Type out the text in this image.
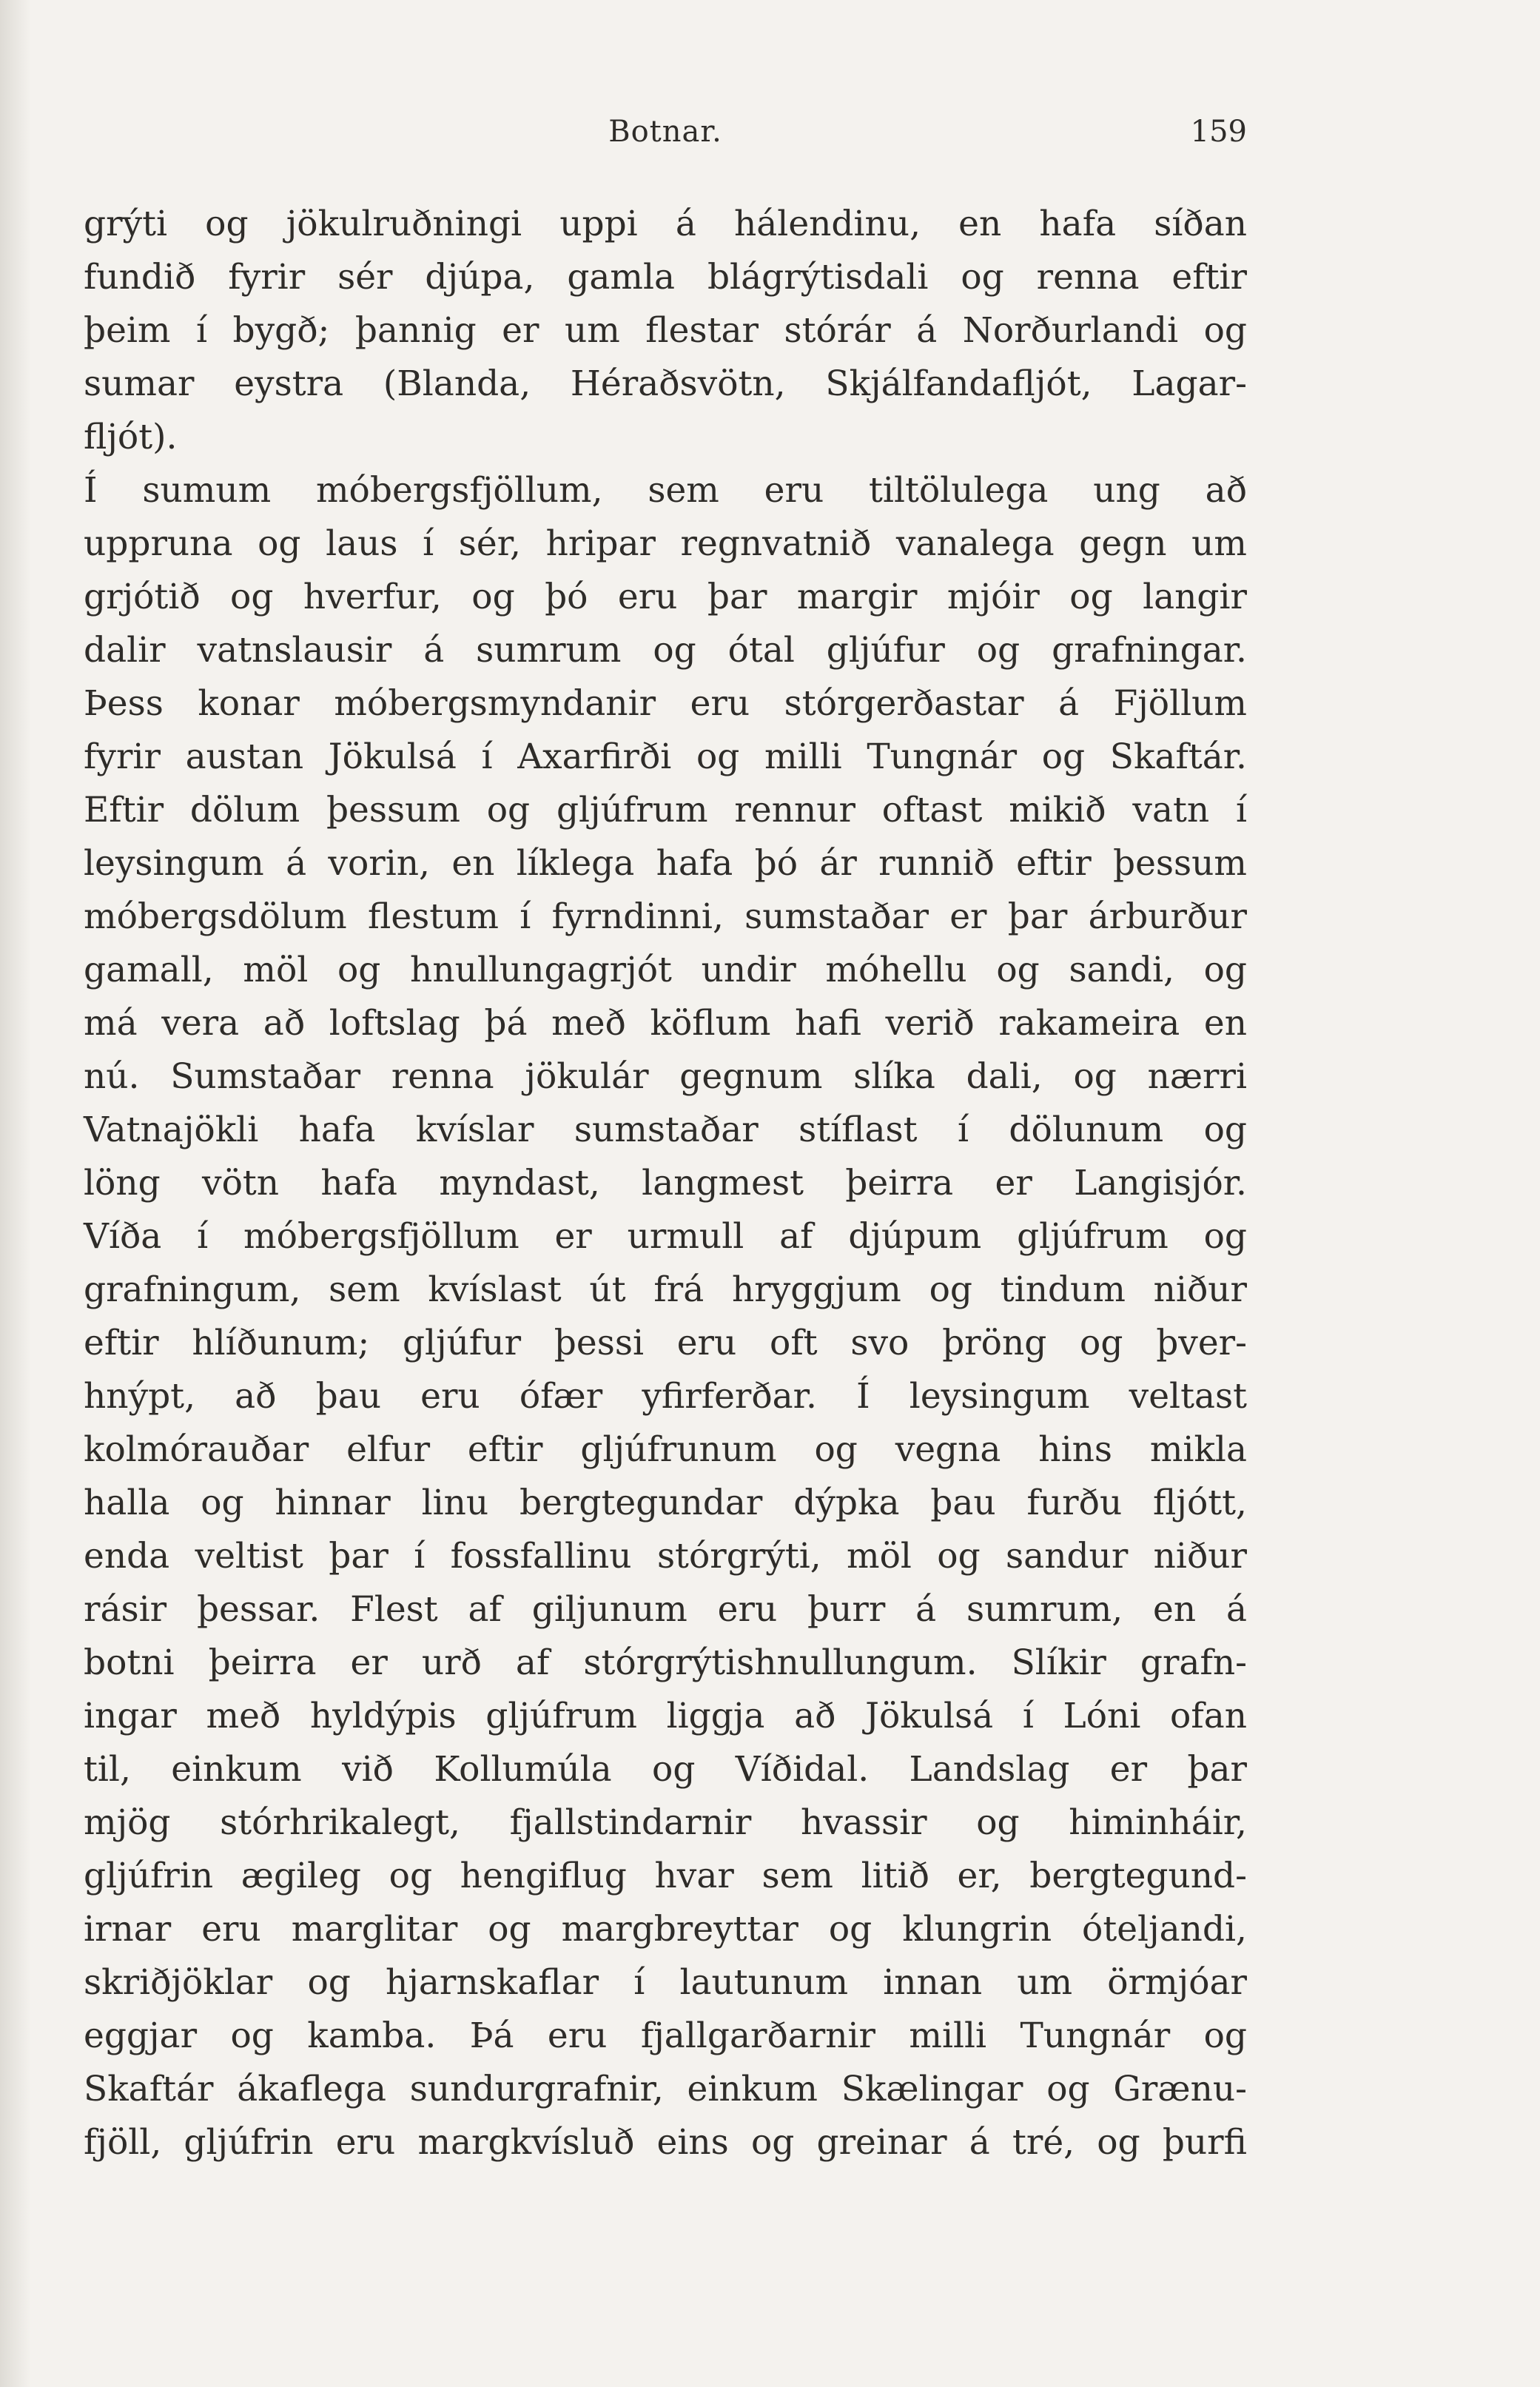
Botnar.	159
grýti og jökulruðningi uppi á hálendinu, en hafa síðan
fundið fyrir sér djúpa, gamla blágrýtisdali og renna eftir
þeim í bygð; þannig er um flestar stórár á Norðurlandi og
sumar eystra (Blanda, Héraðsvötn, Skjálfandafljót, Lagar-
fljót).
Í sumum móbergsfjöllum, sem eru tiltölulega ung að
uppruna og laus í sér, hripar regnvatnið vanalega gegn um
grjótið og hverfur, og þó eru þar margir mjóir og langir
dalir vatnslausir á sumrum og ótal gljúfur og grafningar.
Þess konar móbergsmyndanir eru stórgerðastar á Fjöllum
fyrir austan Jökulsá í Axarfirði og milli Tungnár og Skaftár.
Eftir dölum þessum og gljúfrum rennur oftast mikið vatn í
leysingum á vorin, en líklega hafa þó ár runnið eftir þessum
móbergsdölum flestum í fyrndinni, sumstaðar er þar árburður
gamall, möl og hnullungagrjót undir móhellu og sandi, og
má vera að loftslag þá með köflum hafi verið rakameira en
nú. Sumstaðar renna jökulár gegnum slíka dali, og nærri
Vatnajökli hafa kvíslar sumstaðar stíflast í dölunum og
löng vötn hafa myndast, langmest þeirra er Langisjór.
Víða í móbergsfjöllum er urmull af djúpum gljúfrum og
grafningum, sem kvíslast út frá hryggjum og tindum niður
eftir hlíðunum; gljúfur þessi eru oft svo þröng og þver-
hnýpt, að þau eru ófær yfirferðar. Í leysingum veltast
kolmórauðar elfur eftir gljúfrunum og vegna hins mikla
halla og hinnar linu bergtegundar dýpka þau furðu fljótt,
enda veltist þar í fossfallinu stórgrýti, möl og sandur niður
rásir þessar. Flest af giljunum eru þurr á sumrum, en á
botni þeirra er urð af stórgrýtishnullungum. Slíkir grafn-
ingar með hyldýpis gljúfrum liggja að Jökulsá í Lóni ofan
til, einkum við Kollumúla og Víðidal. Landslag er þar
mjög stórhrikalegt, fjallstindarnir hvassir og himinháir,
gljúfrin ægileg og hengiflug hvar sem litið er, bergtegund-
irnar eru marglitar og margbreyttar og klungrin óteljandi,
skriðjöklar og hjarnskaflar í lautunum innan um örmjóar
eggjar og kamba. Þá eru fjallgarðarnir milli Tungnár og
Skaftár ákaflega sundurgrafnir, einkum Skælingar og Grænu-
fjöll, gljúfrin eru margkvísluð eins og greinar á tré, og þurfi
